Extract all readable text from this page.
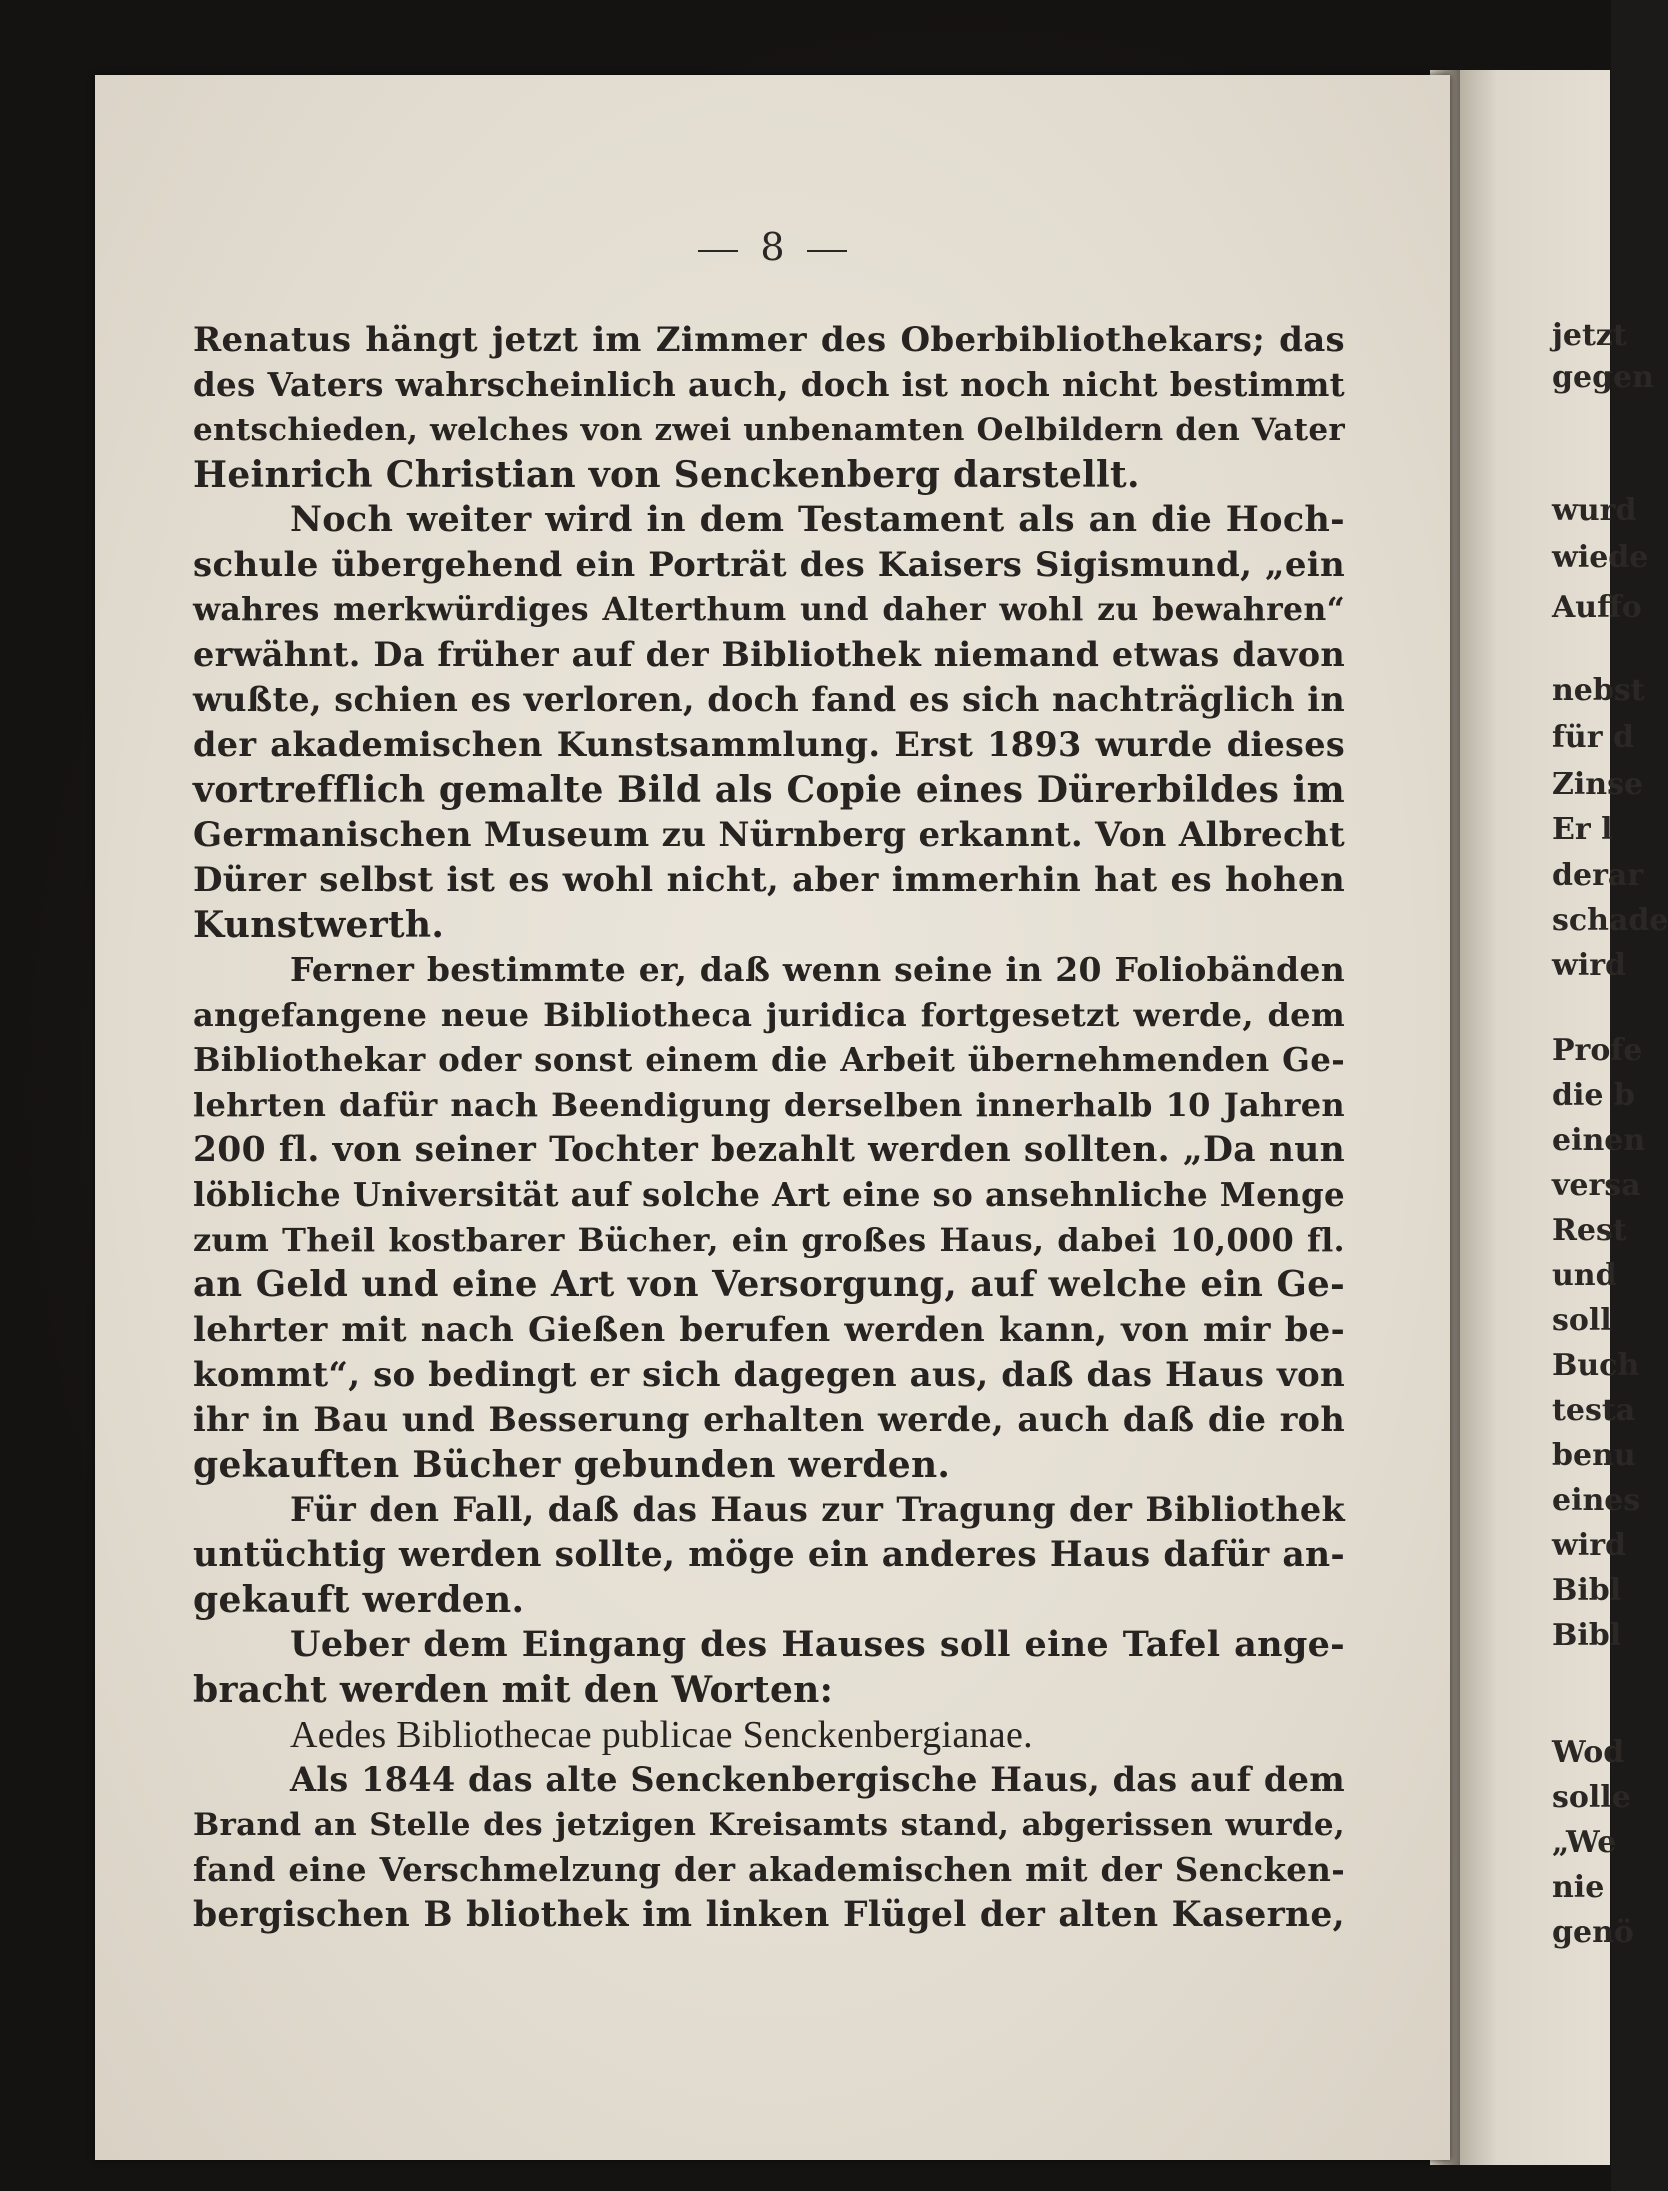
jetzt
gegen
wurd
wiede
Auffo
nebst
für d
Zinse
Er l
derar
schade
wird
Profe
die b
einen
versa
Rest
und
soll
Buch
testa
benu
eines
wird
Bibl
Bibl
Wod
solle
„We
nie
genö
8
Renatus hängt jetzt im Zimmer des Oberbibliothekars; das
des Vaters wahrscheinlich auch, doch ist noch nicht bestimmt
entschieden, welches von zwei unbenamten Oelbildern den Vater
Heinrich Christian von Senckenberg darstellt.
Noch weiter wird in dem Testament als an die Hoch-
schule übergehend ein Porträt des Kaisers Sigismund, „ein
wahres merkwürdiges Alterthum und daher wohl zu bewahren“
erwähnt. Da früher auf der Bibliothek niemand etwas davon
wußte, schien es verloren, doch fand es sich nachträglich in
der akademischen Kunstsammlung. Erst 1893 wurde dieses
vortrefflich gemalte Bild als Copie eines Dürerbildes im
Germanischen Museum zu Nürnberg erkannt. Von Albrecht
Dürer selbst ist es wohl nicht, aber immerhin hat es hohen
Kunstwerth.
Ferner bestimmte er, daß wenn seine in 20 Foliobänden
angefangene neue Bibliotheca juridica fortgesetzt werde, dem
Bibliothekar oder sonst einem die Arbeit übernehmenden Ge-
lehrten dafür nach Beendigung derselben innerhalb 10 Jahren
200 fl. von seiner Tochter bezahlt werden sollten. „Da nun
löbliche Universität auf solche Art eine so ansehnliche Menge
zum Theil kostbarer Bücher, ein großes Haus, dabei 10,000 fl.
an Geld und eine Art von Versorgung, auf welche ein Ge-
lehrter mit nach Gießen berufen werden kann, von mir be-
kommt“, so bedingt er sich dagegen aus, daß das Haus von
ihr in Bau und Besserung erhalten werde, auch daß die roh
gekauften Bücher gebunden werden.
Für den Fall, daß das Haus zur Tragung der Bibliothek
untüchtig werden sollte, möge ein anderes Haus dafür an-
gekauft werden.
Ueber dem Eingang des Hauses soll eine Tafel ange-
bracht werden mit den Worten:
Aedes Bibliothecae publicae Senckenbergianae.
Als 1844 das alte Senckenbergische Haus, das auf dem
Brand an Stelle des jetzigen Kreisamts stand, abgerissen wurde,
fand eine Verschmelzung der akademischen mit der Sencken-
bergischen B bliothek im linken Flügel der alten Kaserne,
